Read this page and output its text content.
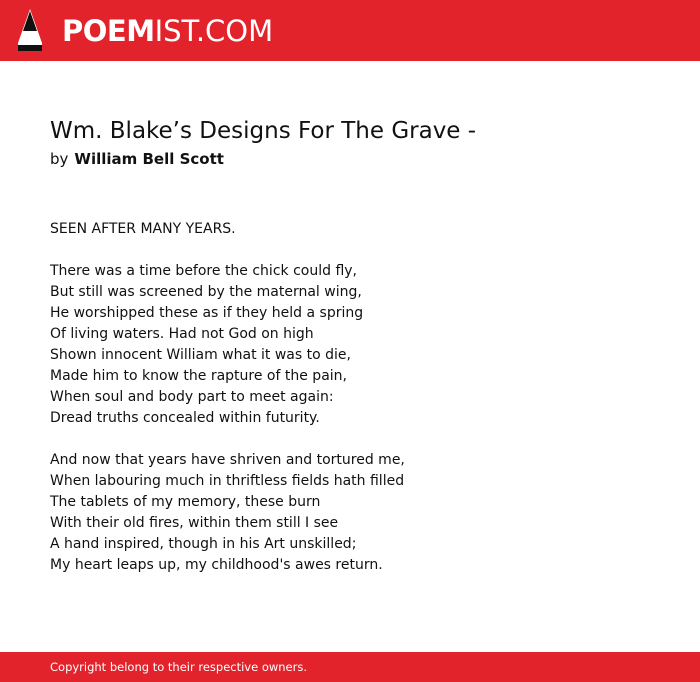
POEM IST.COM
Wm. Blake’s Designs For The Grave -
by William Bell Scott
SEEN AFTER MANY YEARS.
There was a time before the chick could fly,
But still was screened by the maternal wing,
He worshipped these as if they held a spring
Of living waters. Had not God on high
Shown innocent William what it was to die,
Made him to know the rapture of the pain,
When soul and body part to meet again:
Dread truths concealed within futurity.
And now that years have shriven and tortured me,
When labouring much in thriftless fields hath filled
The tablets of my memory, these burn
With their old fires, within them still I see
A hand inspired, though in his Art unskilled;
My heart leaps up, my childhood's awes return.
Copyright belong to their respective owners.
